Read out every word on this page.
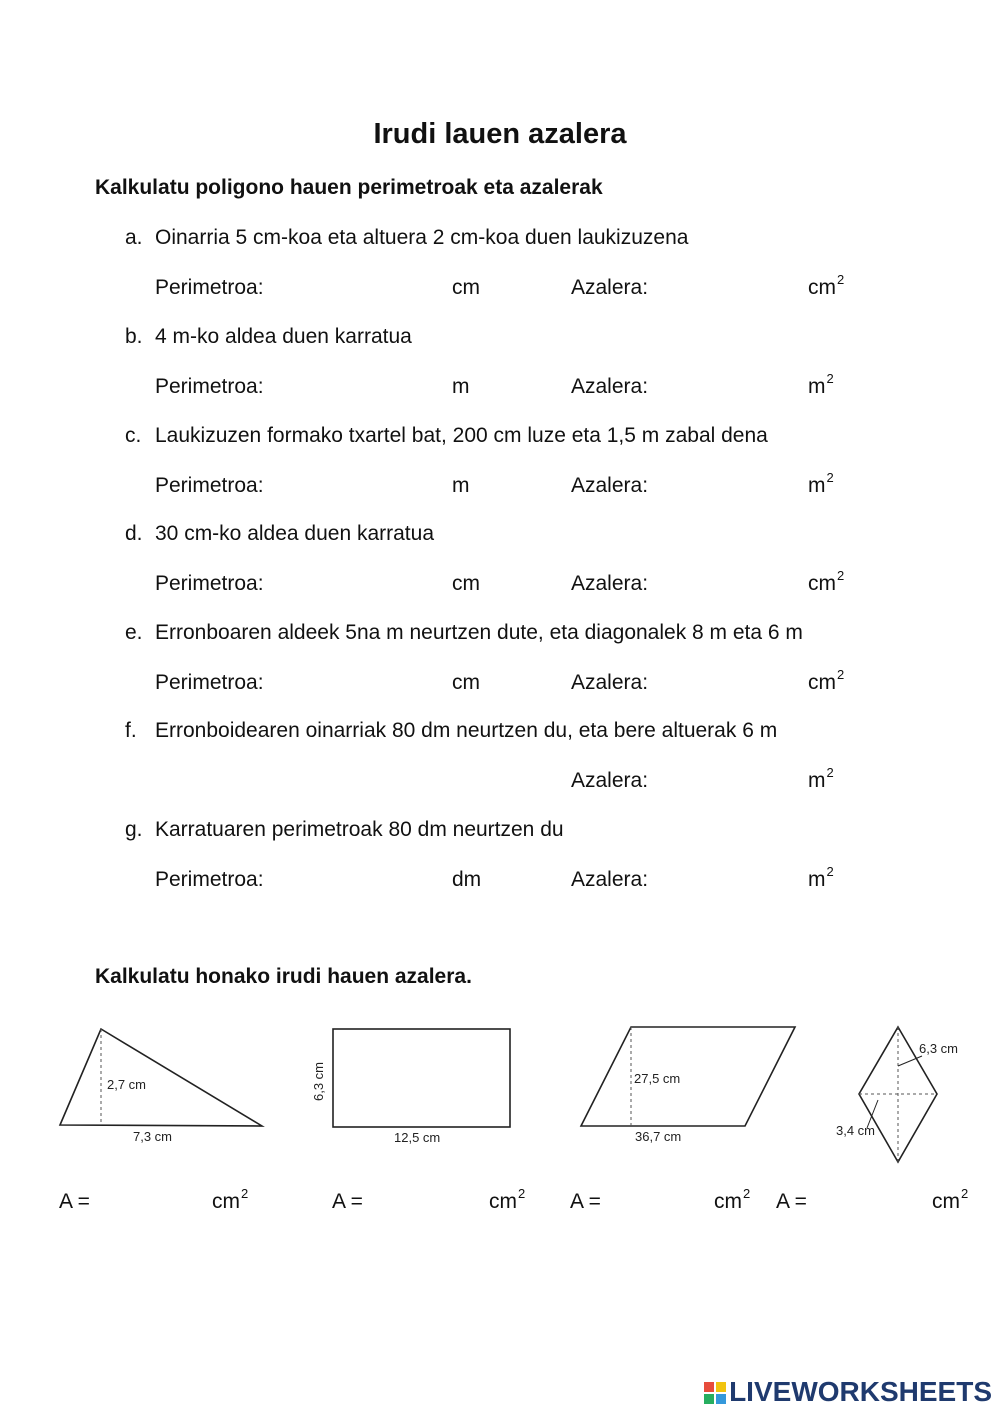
Irudi lauen azalera
Kalkulatu poligono hauen perimetroak eta azalerak
a. Oinarria 5 cm-koa eta altuera 2 cm-koa duen laukizuzena
Perimetroa:	cm	Azalera:	$cm^2$
b. 4 m-ko aldea duen karratua
Perimetroa:	m	Azalera:	$m^2$
c. Laukizuzen formako txartel bat, 200 cm luze eta 1,5 m zabal dena
Perimetroa:	m	Azalera:	$m^2$
d. 30 cm-ko aldea duen karratua
Perimetroa:	cm	Azalera:	$cm^2$
e. Erronboaren aldeek 5na m neurtzen dute, eta diagonalek 8 m eta 6 m
Perimetroa:	cm	Azalera:	$cm^2$
f. Erronboidearen oinarriak 80 dm neurtzen du, eta bere altuerak 6 m
Azalera:	$m^2$
g. Karratuaren perimetroak 80 dm neurtzen du
Perimetroa:	dm	Azalera:	$m^2$
Kalkulatu honako irudi hauen azalera.
2,7 cm
7,3 cm
6,3 cm
12,5 cm
27,5 cm
36,7 cm
6,3 cm
3,4 cm
A =	$cm^2$	A =	$cm^2$ A =	$cm^2$ A =	$cm^2$
LIVEWORKSHEETS
